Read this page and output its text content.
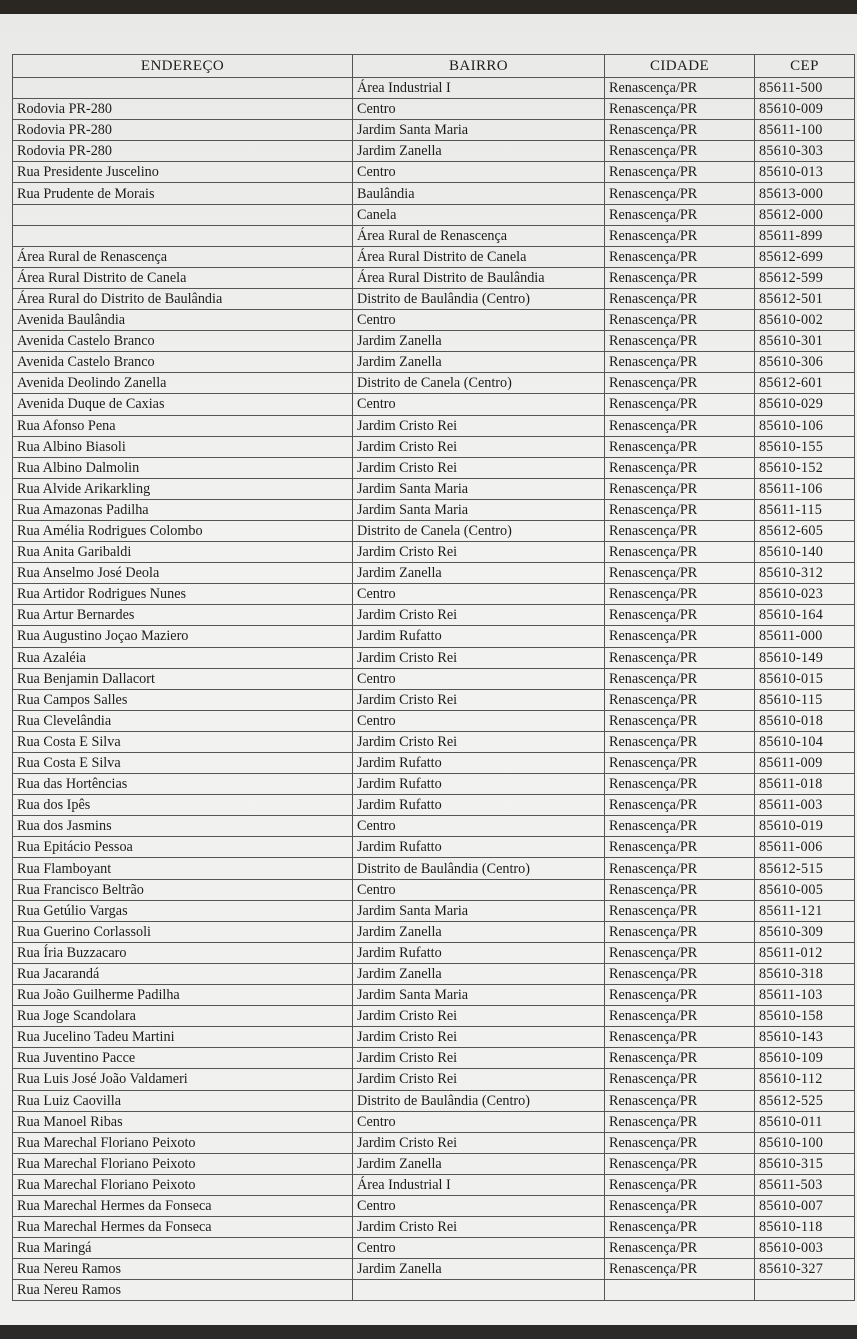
ENDEREÇO	BAIRRO	CIDADE	CEP
	Área Industrial I	Renascença/PR	85611-500
Rodovia PR-280	Centro	Renascença/PR	85610-009
Rodovia PR-280	Jardim Santa Maria	Renascença/PR	85611-100
Rodovia PR-280	Jardim Zanella	Renascença/PR	85610-303
Rua Presidente Juscelino	Centro	Renascença/PR	85610-013
Rua Prudente de Morais	Baulândia	Renascença/PR	85613-000
	Canela	Renascença/PR	85612-000
	Área Rural de Renascença	Renascença/PR	85611-899
Área Rural de Renascença	Área Rural Distrito de Canela	Renascença/PR	85612-699
Área Rural Distrito de Canela	Área Rural Distrito de Baulândia	Renascença/PR	85612-599
Área Rural do Distrito de Baulândia	Distrito de Baulândia (Centro)	Renascença/PR	85612-501
Avenida Baulândia	Centro	Renascença/PR	85610-002
Avenida Castelo Branco	Jardim Zanella	Renascença/PR	85610-301
Avenida Castelo Branco	Jardim Zanella	Renascença/PR	85610-306
Avenida Deolindo Zanella	Distrito de Canela (Centro)	Renascença/PR	85612-601
Avenida Duque de Caxias	Centro	Renascença/PR	85610-029
Rua Afonso Pena	Jardim Cristo Rei	Renascença/PR	85610-106
Rua Albino Biasoli	Jardim Cristo Rei	Renascença/PR	85610-155
Rua Albino Dalmolin	Jardim Cristo Rei	Renascença/PR	85610-152
Rua Alvide Arikarkling	Jardim Santa Maria	Renascença/PR	85611-106
Rua Amazonas Padilha	Jardim Santa Maria	Renascença/PR	85611-115
Rua Amélia Rodrigues Colombo	Distrito de Canela (Centro)	Renascença/PR	85612-605
Rua Anita Garibaldi	Jardim Cristo Rei	Renascença/PR	85610-140
Rua Anselmo José Deola	Jardim Zanella	Renascença/PR	85610-312
Rua Artidor Rodrigues Nunes	Centro	Renascença/PR	85610-023
Rua Artur Bernardes	Jardim Cristo Rei	Renascença/PR	85610-164
Rua Augustino Joçao Maziero	Jardim Rufatto	Renascença/PR	85611-000
Rua Azaléia	Jardim Cristo Rei	Renascença/PR	85610-149
Rua Benjamin Dallacort	Centro	Renascença/PR	85610-015
Rua Campos Salles	Jardim Cristo Rei	Renascença/PR	85610-115
Rua Clevelândia	Centro	Renascença/PR	85610-018
Rua Costa E Silva	Jardim Cristo Rei	Renascença/PR	85610-104
Rua Costa E Silva	Jardim Rufatto	Renascença/PR	85611-009
Rua das Hortências	Jardim Rufatto	Renascença/PR	85611-018
Rua dos Ipês	Jardim Rufatto	Renascença/PR	85611-003
Rua dos Jasmins	Centro	Renascença/PR	85610-019
Rua Epitácio Pessoa	Jardim Rufatto	Renascença/PR	85611-006
Rua Flamboyant	Distrito de Baulândia (Centro)	Renascença/PR	85612-515
Rua Francisco Beltrão	Centro	Renascença/PR	85610-005
Rua Getúlio Vargas	Jardim Santa Maria	Renascença/PR	85611-121
Rua Guerino Corlassoli	Jardim Zanella	Renascença/PR	85610-309
Rua Íria Buzzacaro	Jardim Rufatto	Renascença/PR	85611-012
Rua Jacarandá	Jardim Zanella	Renascença/PR	85610-318
Rua João Guilherme Padilha	Jardim Santa Maria	Renascença/PR	85611-103
Rua Joge Scandolara	Jardim Cristo Rei	Renascença/PR	85610-158
Rua Jucelino Tadeu Martini	Jardim Cristo Rei	Renascença/PR	85610-143
Rua Juventino Pacce	Jardim Cristo Rei	Renascença/PR	85610-109
Rua Luis José João Valdameri	Jardim Cristo Rei	Renascença/PR	85610-112
Rua Luiz Caovilla	Distrito de Baulândia (Centro)	Renascença/PR	85612-525
Rua Manoel Ribas	Centro	Renascença/PR	85610-011
Rua Marechal Floriano Peixoto	Jardim Cristo Rei	Renascença/PR	85610-100
Rua Marechal Floriano Peixoto	Jardim Zanella	Renascença/PR	85610-315
Rua Marechal Floriano Peixoto	Área Industrial I	Renascença/PR	85611-503
Rua Marechal Hermes da Fonseca	Centro	Renascença/PR	85610-007
Rua Marechal Hermes da Fonseca	Jardim Cristo Rei	Renascença/PR	85610-118
Rua Maringá	Centro	Renascença/PR	85610-003
Rua Nereu Ramos	Jardim Zanella	Renascença/PR	85610-327
Rua Nereu Ramos			
